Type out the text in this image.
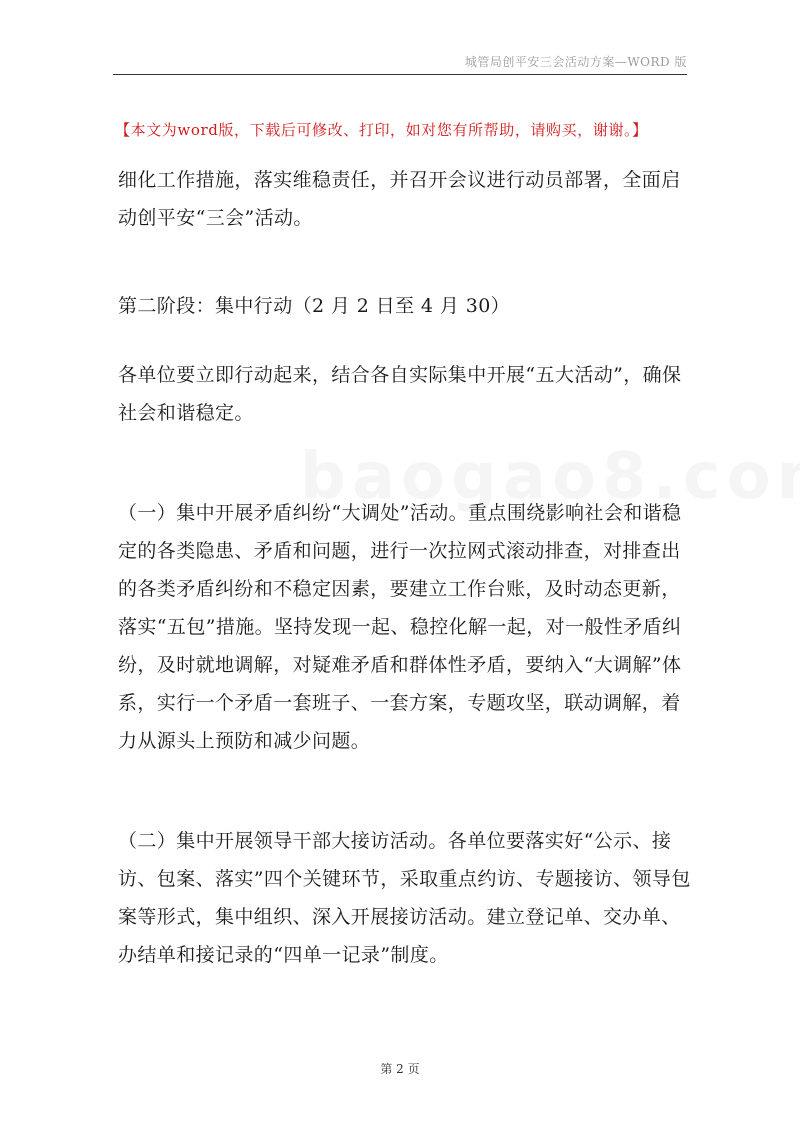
城管局创平安三会活动方案—WORD 版
【本文为word版，下载后可修改、打印，如对您有所帮助，请购买，谢谢。】

细化工作措施，落实维稳责任，并召开会议进行动员部署，全面启动创平安“三会”活动。

第二阶段：集中行动（2 月 2 日至 4 月 30）

各单位要立即行动起来，结合各自实际集中开展“五大活动”，确保社会和谐稳定。

（一）集中开展矛盾纠纷“大调处”活动。重点围绕影响社会和谐稳定的各类隐患、矛盾和问题，进行一次拉网式滚动排查，对排查出的各类矛盾纠纷和不稳定因素，要建立工作台账，及时动态更新，落实“五包”措施。坚持发现一起、稳控化解一起，对一般性矛盾纠纷，及时就地调解，对疑难矛盾和群体性矛盾，要纳入“大调解”体系，实行一个矛盾一套班子、一套方案，专题攻坚，联动调解，着力从源头上预防和减少问题。

（二）集中开展领导干部大接访活动。各单位要落实好“公示、接访、包案、落实”四个关键环节，采取重点约访、专题接访、领导包案等形式，集中组织、深入开展接访活动。建立登记单、交办单、办结单和接记录的“四单一记录”制度。

第 2 页
